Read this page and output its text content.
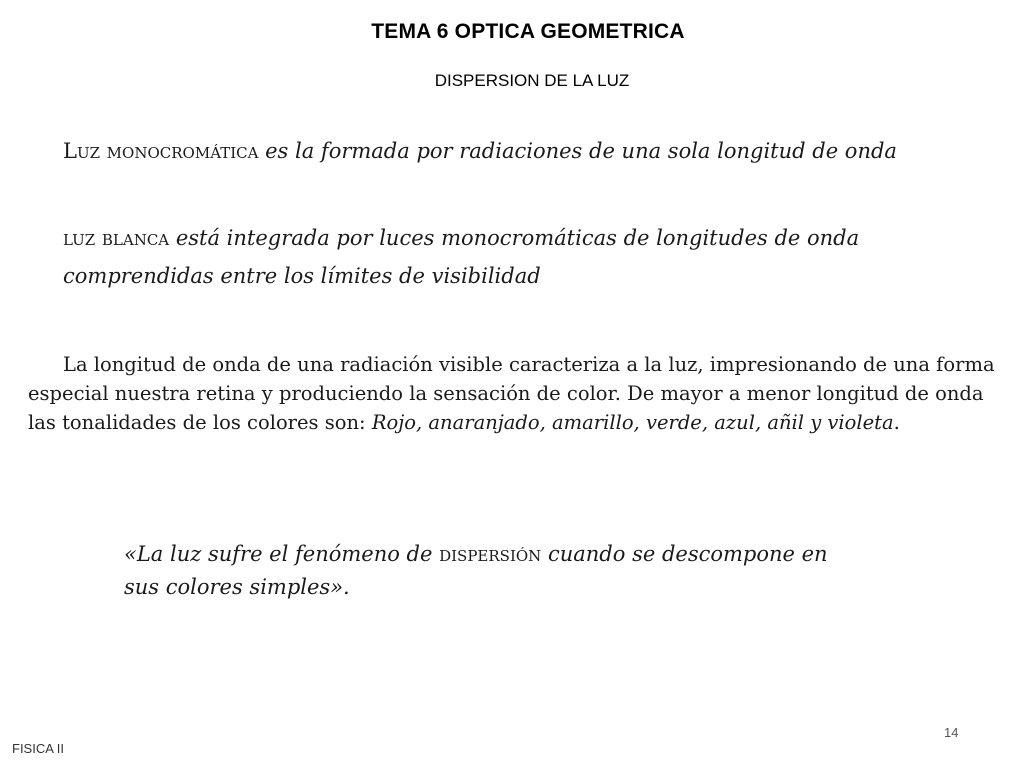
TEMA 6 OPTICA GEOMETRICA
DISPERSION DE LA LUZ
Luz monocromática es la formada por radiaciones de una sola longitud de onda
luz blanca está integrada por luces monocromáticas de longitudes de onda
comprendidas entre los límites de visibilidad
La longitud de onda de una radiación visible caracteriza a la luz, impresionando de una forma
especial nuestra retina y produciendo la sensación de color. De mayor a menor longitud de onda
las tonalidades de los colores son: Rojo, anaranjado, amarillo, verde, azul, añil y violeta.
«La luz sufre el fenómeno de dispersión cuando se descompone en
sus colores simples».
14
FISICA II
